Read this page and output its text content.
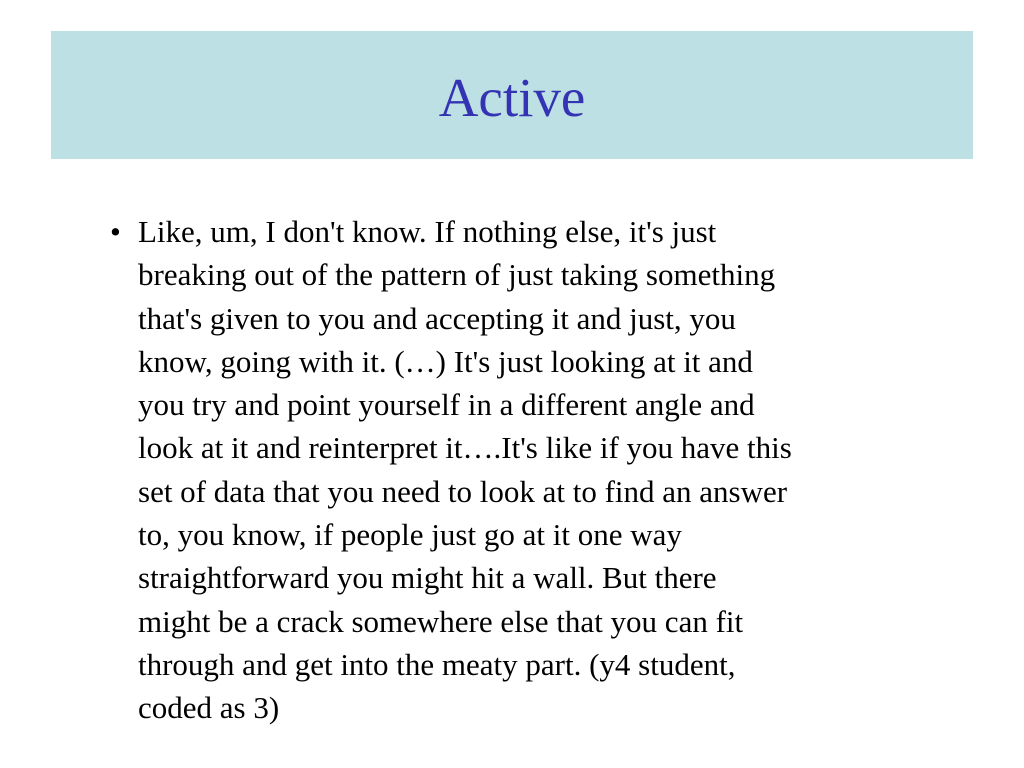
Active
• Like, um, I don't know. If nothing else, it's just
breaking out of the pattern of just taking something
that's given to you and accepting it and just, you
know, going with it. (…) It's just looking at it and
you try and point yourself in a different angle and
look at it and reinterpret it….It's like if you have this
set of data that you need to look at to find an answer
to, you know, if people just go at it one way
straightforward you might hit a wall. But there
might be a crack somewhere else that you can fit
through and get into the meaty part. (y4 student,
coded as 3)
